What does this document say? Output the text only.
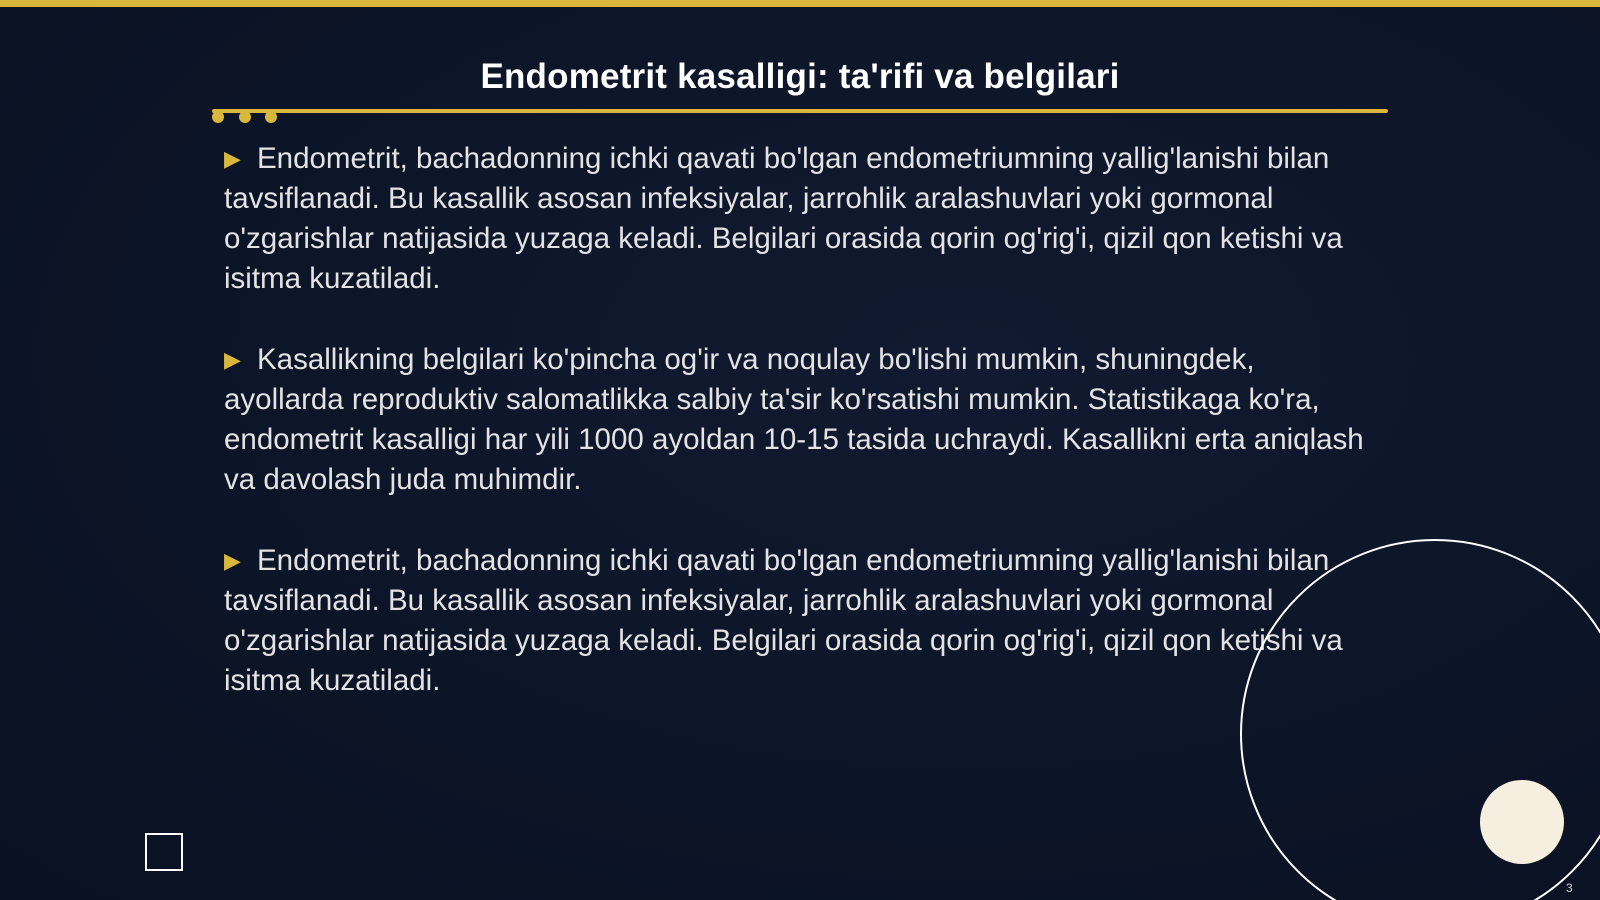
Endometrit kasalligi: ta'rifi va belgilari

▶ Endometrit, bachadonning ichki qavati bo'lgan endometriumning yallig'lanishi bilan tavsiflanadi. Bu kasallik asosan infeksiyalar, jarrohlik aralashuvlari yoki gormonal o'zgarishlar natijasida yuzaga keladi. Belgilari orasida qorin og'rig'i, qizil qon ketishi va isitma kuzatiladi.

▶ Kasallikning belgilari ko'pincha og'ir va noqulay bo'lishi mumkin, shuningdek, ayollarda reproduktiv salomatlikka salbiy ta'sir ko'rsatishi mumkin. Statistikaga ko'ra, endometrit kasalligi har yili 1000 ayoldan 10-15 tasida uchraydi. Kasallikni erta aniqlash va davolash juda muhimdir.

▶ Endometrit, bachadonning ichki qavati bo'lgan endometriumning yallig'lanishi bilan tavsiflanadi. Bu kasallik asosan infeksiyalar, jarrohlik aralashuvlari yoki gormonal o'zgarishlar natijasida yuzaga keladi. Belgilari orasida qorin og'rig'i, qizil qon ketishi va isitma kuzatiladi.

3
